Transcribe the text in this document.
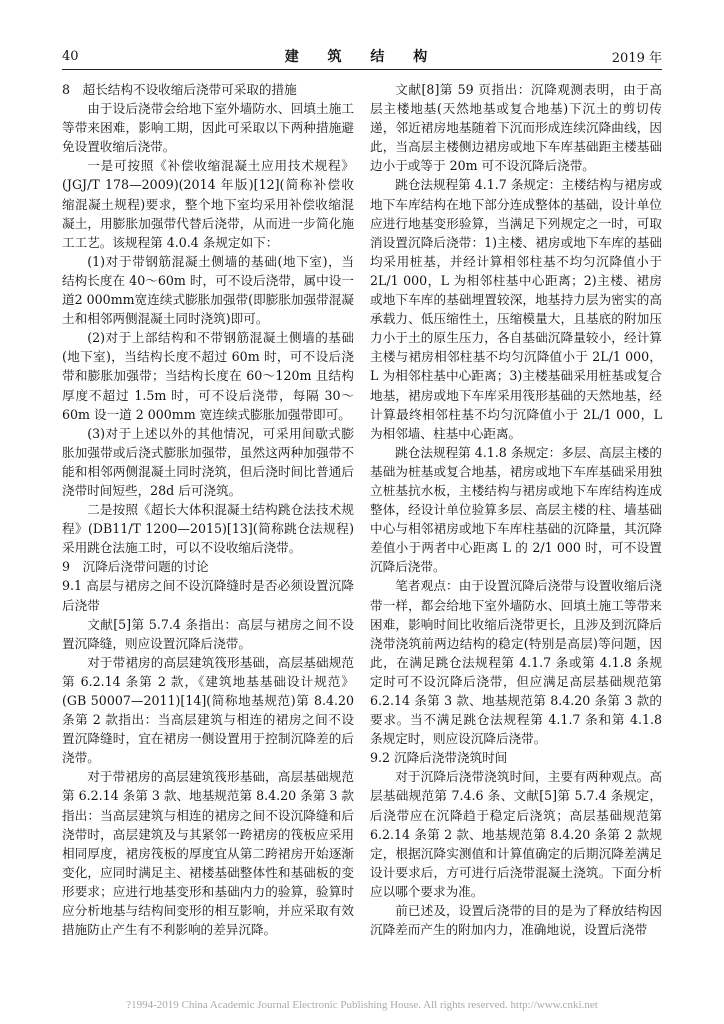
40	建 筑 结 构	2019 年

8　超长结构不设收缩后浇带可采取的措施

由于设后浇带会给地下室外墙防水、回填土施工等带来困难，影响工期，因此可采取以下两种措施避免设置收缩后浇带。

一是可按照《补偿收缩混凝土应用技术规程》(JGJ/T 178—2009)(2014 年版)[12](简称补偿收缩混凝土规程)要求，整个地下室均采用补偿收缩混凝土，用膨胀加强带代替后浇带，从而进一步简化施工工艺。该规程第 4.0.4 条规定如下：

(1)对于带钢筋混凝土侧墙的基础(地下室)，当结构长度在 40～60m 时，可不设后浇带，属中设一道2 000mm宽连续式膨胀加强带(即膨胀加强带混凝土和相邻两侧混凝土同时浇筑)即可。

(2)对于上部结构和不带钢筋混凝土侧墙的基础(地下室)，当结构长度不超过 60m 时，可不设后浇带和膨胀加强带；当结构长度在 60～120m 且结构厚度不超过 1.5m 时，可不设后浇带，每隔 30～60m 设一道 2 000mm 宽连续式膨胀加强带即可。

(3)对于上述以外的其他情况，可采用间歇式膨胀加强带或后浇式膨胀加强带，虽然这两种加强带不能和相邻两侧混凝土同时浇筑，但后浇时间比普通后浇带时间短些，28d 后可浇筑。

二是按照《超长大体积混凝土结构跳仓法技术规程》(DB11/T 1200—2015)[13](简称跳仓法规程)采用跳仓法施工时，可以不设收缩后浇带。

9　沉降后浇带问题的讨论

9.1 高层与裙房之间不设沉降缝时是否必须设置沉降后浇带

文献[5]第 5.7.4 条指出：高层与裙房之间不设置沉降缝，则应设置沉降后浇带。

对于带裙房的高层建筑筏形基础，高层基础规范第 6.2.14 条第 2 款，《建筑地基基础设计规范》(GB 50007—2011)[14](简称地基规范)第 8.4.20 条第 2 款指出：当高层建筑与相连的裙房之间不设置沉降缝时，宜在裙房一侧设置用于控制沉降差的后浇带。

对于带裙房的高层建筑筏形基础，高层基础规范第 6.2.14 条第 3 款、地基规范第 8.4.20 条第 3 款指出：当高层建筑与相连的裙房之间不设沉降缝和后浇带时，高层建筑及与其紧邻一跨裙房的筏板应采用相同厚度，裙房筏板的厚度宜从第二跨裙房开始逐渐变化，应同时满足主、裙楼基础整体性和基础板的变形要求；应进行地基变形和基础内力的验算，验算时应分析地基与结构间变形的相互影响，并应采取有效措施防止产生有不利影响的差异沉降。

文献[8]第 59 页指出：沉降观测表明，由于高层主楼地基(天然地基或复合地基)下沉土的剪切传递，邻近裙房地基随着下沉而形成连续沉降曲线，因此，当高层主楼侧边裙房或地下车库基础距主楼基础边小于或等于 20m 可不设沉降后浇带。

跳仓法规程第 4.1.7 条规定：主楼结构与裙房或地下车库结构在地下部分连成整体的基础，设计单位应进行地基变形验算，当满足下列规定之一时，可取消设置沉降后浇带：1)主楼、裙房或地下车库的基础均采用桩基，并经计算相邻柱基不均匀沉降值小于 2L/1 000，L 为相邻柱基中心距离；2)主楼、裙房或地下车库的基础埋置较深，地基持力层为密实的高承载力、低压缩性土，压缩模量大，且基底的附加压力小于土的原生压力，各自基础沉降量较小，经计算主楼与裙房相邻柱基不均匀沉降值小于 2L/1 000，L 为相邻柱基中心距离；3)主楼基础采用桩基或复合地基，裙房或地下车库采用筏形基础的天然地基，经计算最终相邻柱基不均匀沉降值小于 2L/1 000，L 为相邻墙、柱基中心距离。

跳仓法规程第 4.1.8 条规定：多层、高层主楼的基础为桩基或复合地基，裙房或地下车库基础采用独立桩基抗水板，主楼结构与裙房或地下车库结构连成整体，经设计单位验算多层、高层主楼的柱、墙基础中心与相邻裙房或地下车库柱基础的沉降量，其沉降差值小于两者中心距离 L 的 2/1 000 时，可不设置沉降后浇带。

笔者观点：由于设置沉降后浇带与设置收缩后浇带一样，都会给地下室外墙防水、回填土施工等带来困难，影响时间比收缩后浇带更长，且涉及到沉降后浇带浇筑前两边结构的稳定(特别是高层)等问题，因此，在满足跳仓法规程第 4.1.7 条或第 4.1.8 条规定时可不设沉降后浇带，但应满足高层基础规范第 6.2.14 条第 3 款、地基规范第 8.4.20 条第 3 款的要求。当不满足跳仓法规程第 4.1.7 条和第 4.1.8 条规定时，则应设沉降后浇带。

9.2 沉降后浇带浇筑时间

对于沉降后浇带浇筑时间，主要有两种观点。高层基础规范第 7.4.6 条、文献[5]第 5.7.4 条规定，后浇带应在沉降趋于稳定后浇筑；高层基础规范第 6.2.14 条第 2 款、地基规范第 8.4.20 条第 2 款规定，根据沉降实测值和计算值确定的后期沉降差满足设计要求后，方可进行后浇带混凝土浇筑。下面分析应以哪个要求为准。

前已述及，设置后浇带的目的是为了释放结构因沉降差而产生的附加内力，准确地说，设置后浇带

?1994-2019 China Academic Journal Electronic Publishing House. All rights reserved. http://www.cnki.net
